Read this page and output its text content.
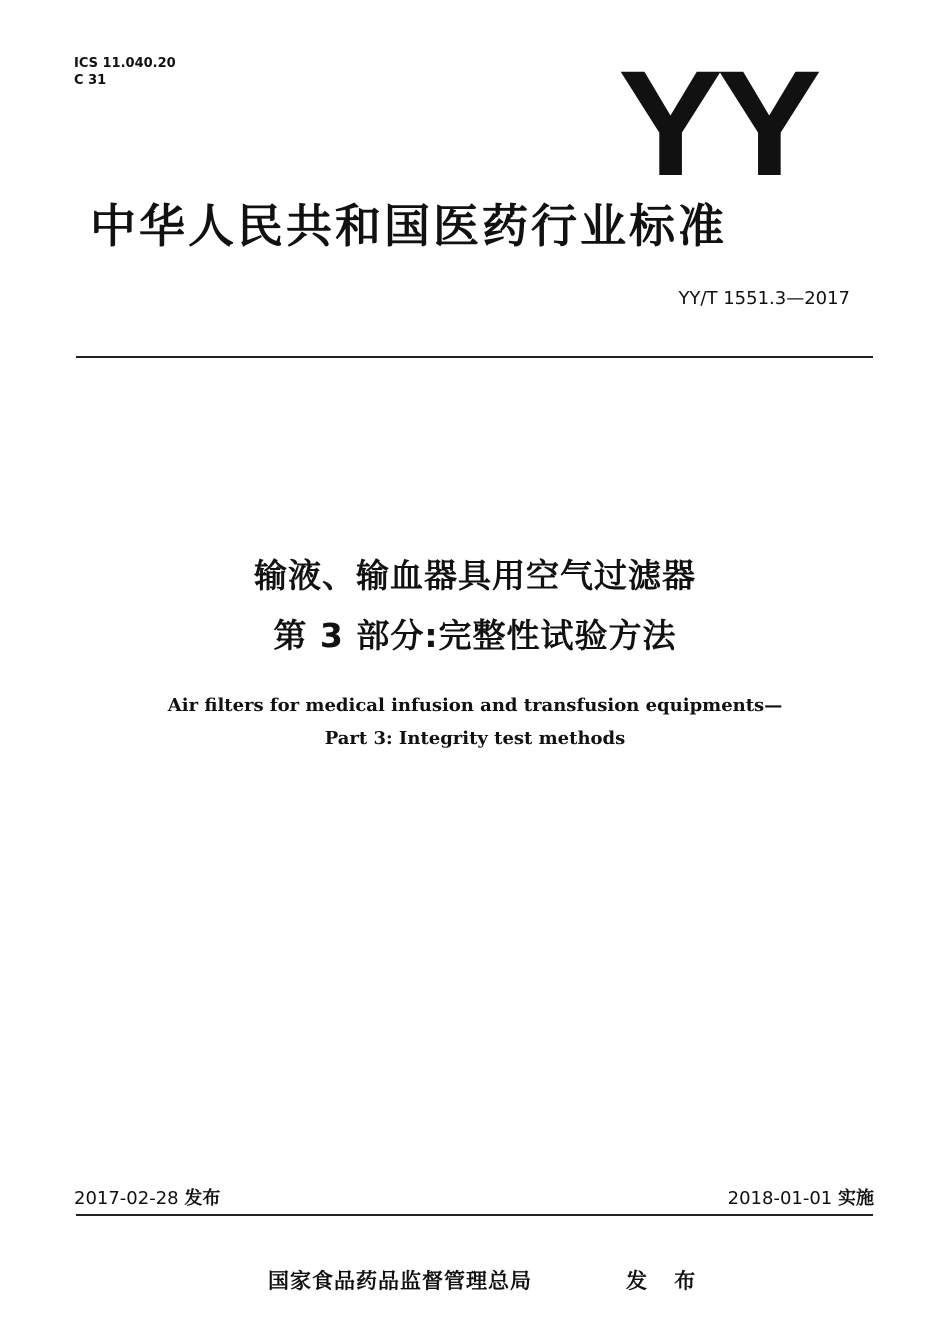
ICS 11.040.20
C 31	YY
中华人民共和国医药行业标准
YY/T 1551.3—2017
输液、输血器具用空气过滤器
第 3 部分:完整性试验方法
Air filters for medical infusion and transfusion equipments—
Part 3: Integrity test methods
2017-02-28 发布	2018-01-01 实施
国家食品药品监督管理总局	发 布
